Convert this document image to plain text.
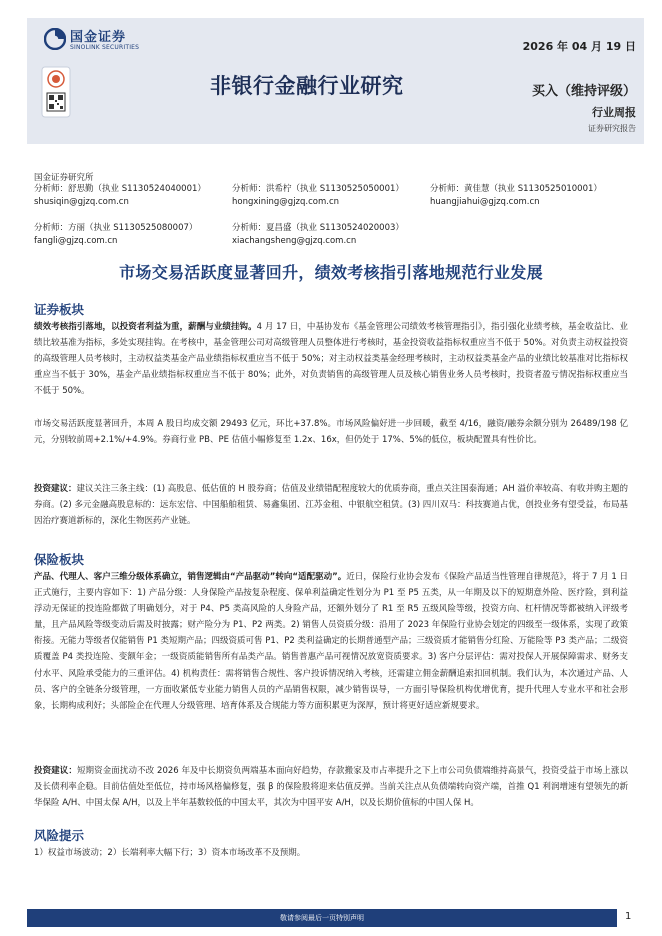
国金证券
SINOLINK SECURITIES	2026 年 04 月 19 日
非银行金融行业研究	买入（维持评级）
行业周报
证券研究报告
国金证券研究所
分析师：舒思勤（执业 S1130524040001）
shusiqin@gjzq.com.cn
分析师：洪希柠（执业 S1130525050001）
hongxining@gjzq.com.cn
分析师：黄佳慧（执业 S1130525010001）
huangjiahui@gjzq.com.cn
分析师：方丽（执业 S1130525080007）
fangli@gjzq.com.cn
分析师：夏昌盛（执业 S1130524020003）
xiachangsheng@gjzq.com.cn
市场交易活跃度显著回升，绩效考核指引落地规范行业发展
证券板块
绩效考核指引落地，以投资者利益为重，薪酬与业绩挂钩。4 月 17 日，中基协发布《基金管理公司绩效考核管理指引》，指引强化业绩考核，基金收益比、业绩比较基准为指标，多处实现挂钩。在考核中，基金管理公司对高级管理人员整体进行考核时，基金投资收益指标权重应当不低于 50%。对负责主动权益投资的高级管理人员考核时，主动权益类基金产品业绩指标权重应当不低于 50%；对主动权益类基金经理考核时，主动权益类基金产品的业绩比较基准对比指标权重应当不低于 30%，基金产品业绩指标权重应当不低于 80%；此外，对负责销售的高级管理人员及核心销售业务人员考核时，投资者盈亏情况指标权重应当不低于 50%。
市场交易活跃度显著回升，本周 A 股日均成交额 29493 亿元，环比+37.8%。市场风险偏好进一步回暖，截至 4/16，融资/融券余额分别为 26489/198 亿元，分别较前周+2.1%/+4.9%。券商行业 PB、PE 估值小幅修复至 1.2x、16x，但仍处于 17%、5%的低位，板块配置具有性价比。
投资建议：建议关注三条主线：(1) 高股息、低估值的 H 股券商；估值及业绩错配程度较大的优质券商，重点关注国泰海通；AH 溢价率较高、有收并购主题的券商。(2) 多元金融高股息标的：远东宏信、中国船舶租赁、易鑫集团、江苏金租、中银航空租赁。(3) 四川双马：科技赛道占优，创投业务有望受益，布局基因治疗赛道新标的，深化生物医药产业链。
保险板块
产品、代理人、客户三维分级体系确立，销售逻辑由“产品驱动”转向“适配驱动”。近日，保险行业协会发布《保险产品适当性管理自律规范》，将于 7 月 1 日正式施行，主要内容如下：1) 产品分级：人身保险产品按复杂程度、保单利益确定性划分为 P1 至 P5 五类，从一年期及以下的短期意外险、医疗险，到利益浮动无保证的投连险都做了明确划分，对于 P4、P5 类高风险的人身险产品，还额外划分了 R1 至 R5 五级风险等级，投资方向、杠杆情况等都被纳入评级考量，且产品风险等级变动后需及时披露；财产险分为 P1、P2 两类。2) 销售人员资质分级：沿用了 2023 年保险行业协会划定的四级至一级体系，实现了政策衔接。无能力等级者仅能销售 P1 类短期产品；四级资质可售 P1、P2 类利益确定的长期普通型产品；三级资质才能销售分红险、万能险等 P3 类产品；二级资质覆盖 P4 类投连险、变额年金；一级资质能销售所有品类产品。销售普惠产品可视情况放宽资质要求。3) 客户分层评估：需对投保人开展保障需求、财务支付水平、风险承受能力的三重评估。4) 机构责任：需将销售合规性、客户投诉情况纳入考核，还需建立佣金薪酬追索扣回机制。我们认为，本次通过产品、人员、客户的全链条分级管理，一方面收紧低专业能力销售人员的产品销售权限，减少销售误导，一方面引导保险机构优增优育，提升代理人专业水平和社会形象，长期构成利好；头部险企在代理人分级管理、培育体系及合规能力等方面积累更为深厚，预计将更好适应新规要求。
投资建议：短期资金面扰动不改 2026 年及中长期资负两端基本面向好趋势，存款搬家及市占率提升之下上市公司负债端维持高景气，投资受益于市场上涨以及长债利率企稳。目前估值处至低位，持市场风格偏修复，强 β 的保险股将迎来估值反弹。当前关注点从负债端转向资产端，首推 Q1 利润增速有望领先的新华保险 A/H、中国太保 A/H，以及上半年基数较低的中国太平，其次为中国平安 A/H，以及长期价值标的中国人保 H。
风险提示
1）权益市场波动；2）长端利率大幅下行；3）资本市场改革不及预期。
敬请参阅最后一页特别声明	1
